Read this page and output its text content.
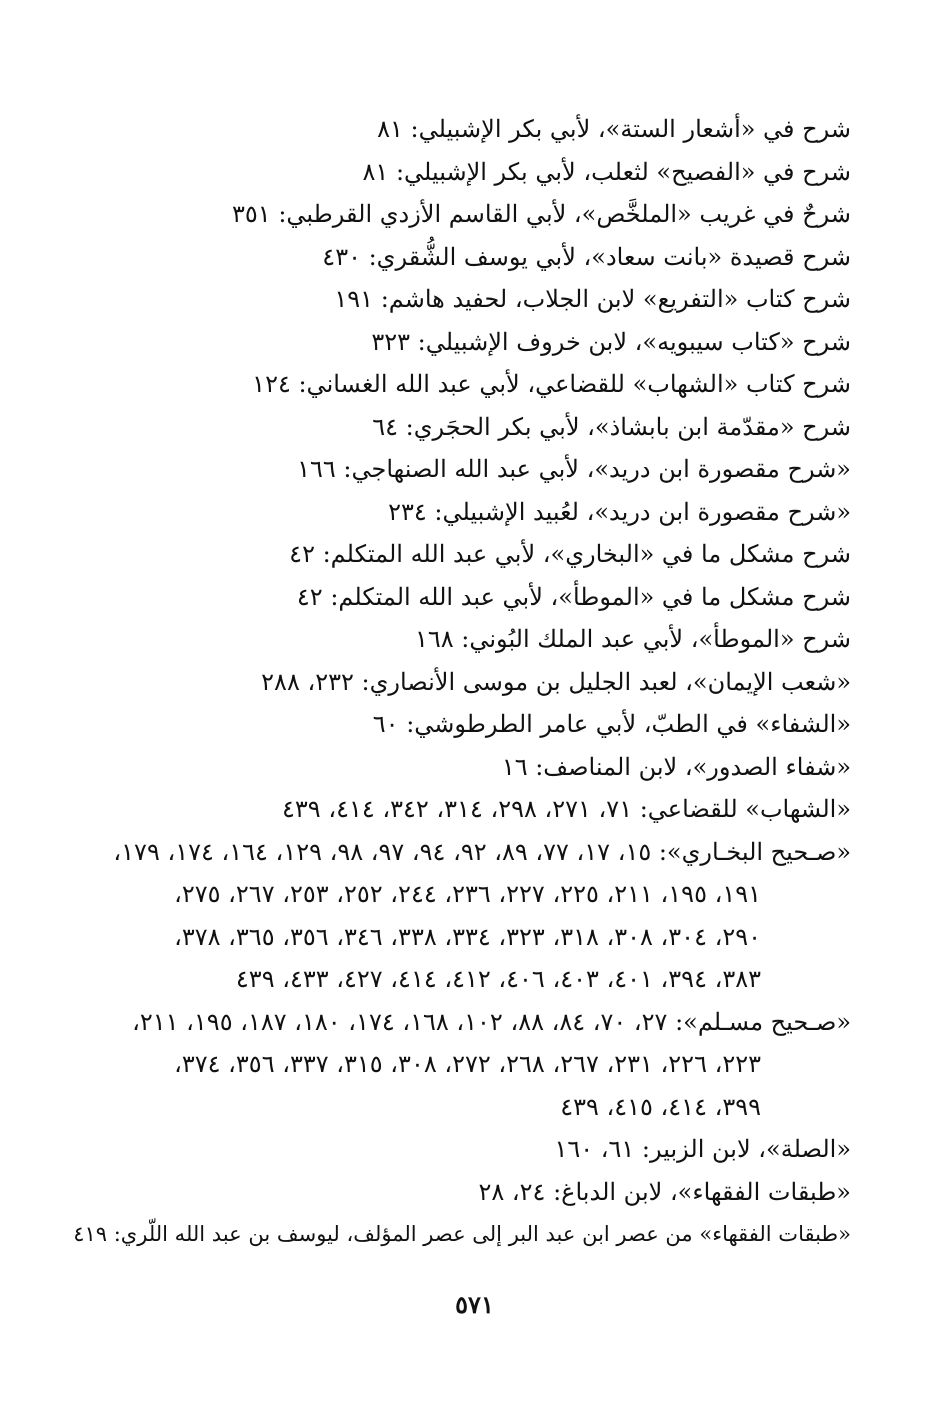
شرح في «أشعار الستة»، لأبي بكر الإشبيلي: ٨١
شرح في «الفصيح» لثعلب، لأبي بكر الإشبيلي: ٨١
شرحٌ في غريب «الملخَّص»، لأبي القاسم الأزدي القرطبي: ٣٥١
شرح قصيدة «بانت سعاد»، لأبي يوسف الشُّقري: ٤٣٠
شرح كتاب «التفريع» لابن الجلاب، لحفيد هاشم: ١٩١
شرح «كتاب سيبويه»، لابن خروف الإشبيلي: ٣٢٣
شرح كتاب «الشهاب» للقضاعي، لأبي عبد الله الغساني: ١٢٤
شرح «مقدّمة ابن بابشاذ»، لأبي بكر الحجَري: ٦٤
«شرح مقصورة ابن دريد»، لأبي عبد الله الصنهاجي: ١٦٦
«شرح مقصورة ابن دريد»، لعُبيد الإشبيلي: ٢٣٤
شرح مشكل ما في «البخاري»، لأبي عبد الله المتكلم: ٤٢
شرح مشكل ما في «الموطأ»، لأبي عبد الله المتكلم: ٤٢
شرح «الموطأ»، لأبي عبد الملك البُوني: ١٦٨
«شعب الإيمان»، لعبد الجليل بن موسى الأنصاري: ٢٣٢، ٢٨٨
«الشفاء» في الطبّ، لأبي عامر الطرطوشي: ٦٠
«شفاء الصدور»، لابن المناصف: ١٦
«الشهاب» للقضاعي: ٧١، ٢٧١، ٢٩٨، ٣١٤، ٣٤٢، ٤١٤، ٤٣٩
«صـحيح البخـاري»: ١٥، ١٧، ٧٧، ٨٩، ٩٢، ٩٤، ٩٧، ٩٨، ١٢٩، ١٦٤، ١٧٤، ١٧٩،
١٩١، ١٩٥، ٢١١، ٢٢٥، ٢٢٧، ٢٣٦، ٢٤٤، ٢٥٢، ٢٥٣، ٢٦٧، ٢٧٥،
٢٩٠، ٣٠٤، ٣٠٨، ٣١٨، ٣٢٣، ٣٣٤، ٣٣٨، ٣٤٦، ٣٥٦، ٣٦٥، ٣٧٨،
٣٨٣، ٣٩٤، ٤٠١، ٤٠٣، ٤٠٦، ٤١٢، ٤١٤، ٤٢٧، ٤٣٣، ٤٣٩
«صـحيح مسـلم»: ٢٧، ٧٠، ٨٤، ٨٨، ١٠٢، ١٦٨، ١٧٤، ١٨٠، ١٨٧، ١٩٥، ٢١١،
٢٢٣، ٢٢٦، ٢٣١، ٢٦٧، ٢٦٨، ٢٧٢، ٣٠٨، ٣١٥، ٣٣٧، ٣٥٦، ٣٧٤،
٣٩٩، ٤١٤، ٤١٥، ٤٣٩
«الصلة»، لابن الزبير: ٦١، ١٦٠
«طبقات الفقهاء»، لابن الدباغ: ٢٤، ٢٨
«طبقات الفقهاء» من عصر ابن عبد البر إلى عصر المؤلف، ليوسف بن عبد الله اللّري: ٤١٩
٥٧١
